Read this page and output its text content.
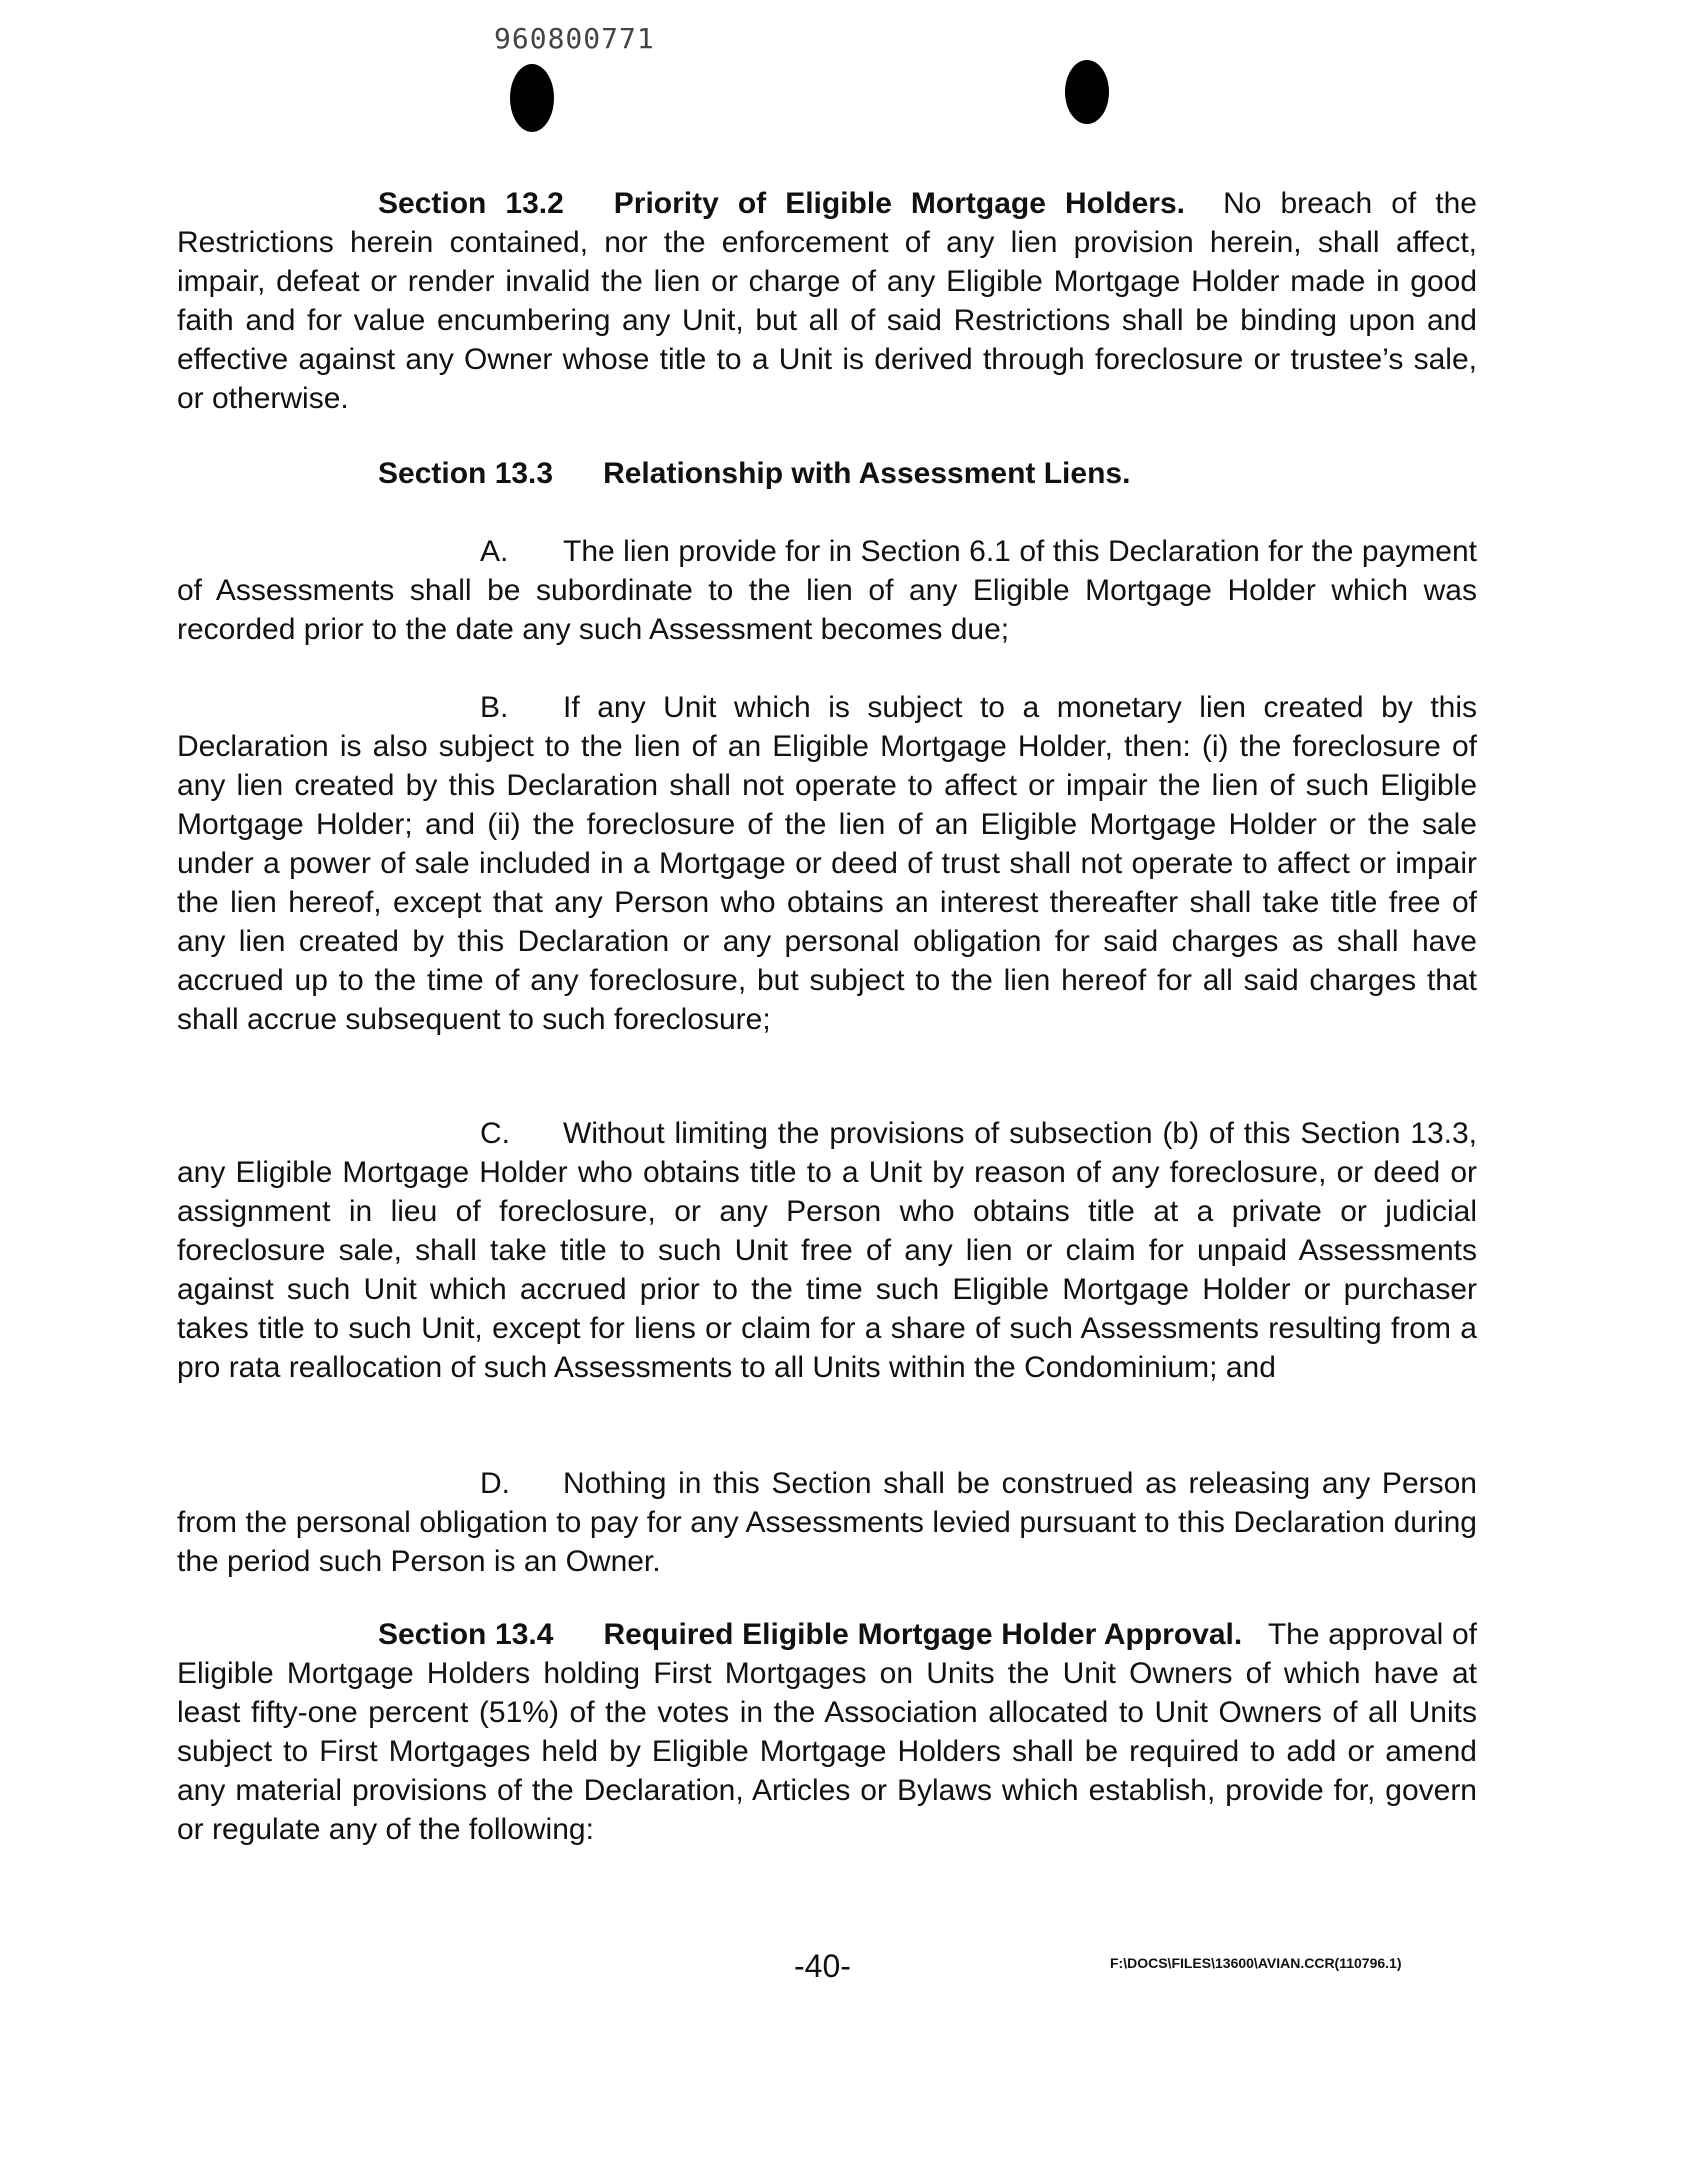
960800771

Section 13.2 Priority of Eligible Mortgage Holders. No breach of the Restrictions herein contained, nor the enforcement of any lien provision herein, shall affect, impair, defeat or render invalid the lien or charge of any Eligible Mortgage Holder made in good faith and for value encumbering any Unit, but all of said Restrictions shall be binding upon and effective against any Owner whose title to a Unit is derived through foreclosure or trustee’s sale, or otherwise.

Section 13.3 Relationship with Assessment Liens.

A. The lien provide for in Section 6.1 of this Declaration for the payment of Assessments shall be subordinate to the lien of any Eligible Mortgage Holder which was recorded prior to the date any such Assessment becomes due;

B. If any Unit which is subject to a monetary lien created by this Declaration is also subject to the lien of an Eligible Mortgage Holder, then: (i) the foreclosure of any lien created by this Declaration shall not operate to affect or impair the lien of such Eligible Mortgage Holder; and (ii) the foreclosure of the lien of an Eligible Mortgage Holder or the sale under a power of sale included in a Mortgage or deed of trust shall not operate to affect or impair the lien hereof, except that any Person who obtains an interest thereafter shall take title free of any lien created by this Declaration or any personal obligation for said charges as shall have accrued up to the time of any foreclosure, but subject to the lien hereof for all said charges that shall accrue subsequent to such foreclosure;

C. Without limiting the provisions of subsection (b) of this Section 13.3, any Eligible Mortgage Holder who obtains title to a Unit by reason of any foreclosure, or deed or assignment in lieu of foreclosure, or any Person who obtains title at a private or judicial foreclosure sale, shall take title to such Unit free of any lien or claim for unpaid Assessments against such Unit which accrued prior to the time such Eligible Mortgage Holder or purchaser takes title to such Unit, except for liens or claim for a share of such Assessments resulting from a pro rata reallocation of such Assessments to all Units within the Condominium; and

D. Nothing in this Section shall be construed as releasing any Person from the personal obligation to pay for any Assessments levied pursuant to this Declaration during the period such Person is an Owner.

Section 13.4 Required Eligible Mortgage Holder Approval. The approval of Eligible Mortgage Holders holding First Mortgages on Units the Unit Owners of which have at least fifty-one percent (51%) of the votes in the Association allocated to Unit Owners of all Units subject to First Mortgages held by Eligible Mortgage Holders shall be required to add or amend any material provisions of the Declaration, Articles or Bylaws which establish, provide for, govern or regulate any of the following:

-40-	F:\DOCS\FILES\13600\AVIAN.CCR(110796.1)
